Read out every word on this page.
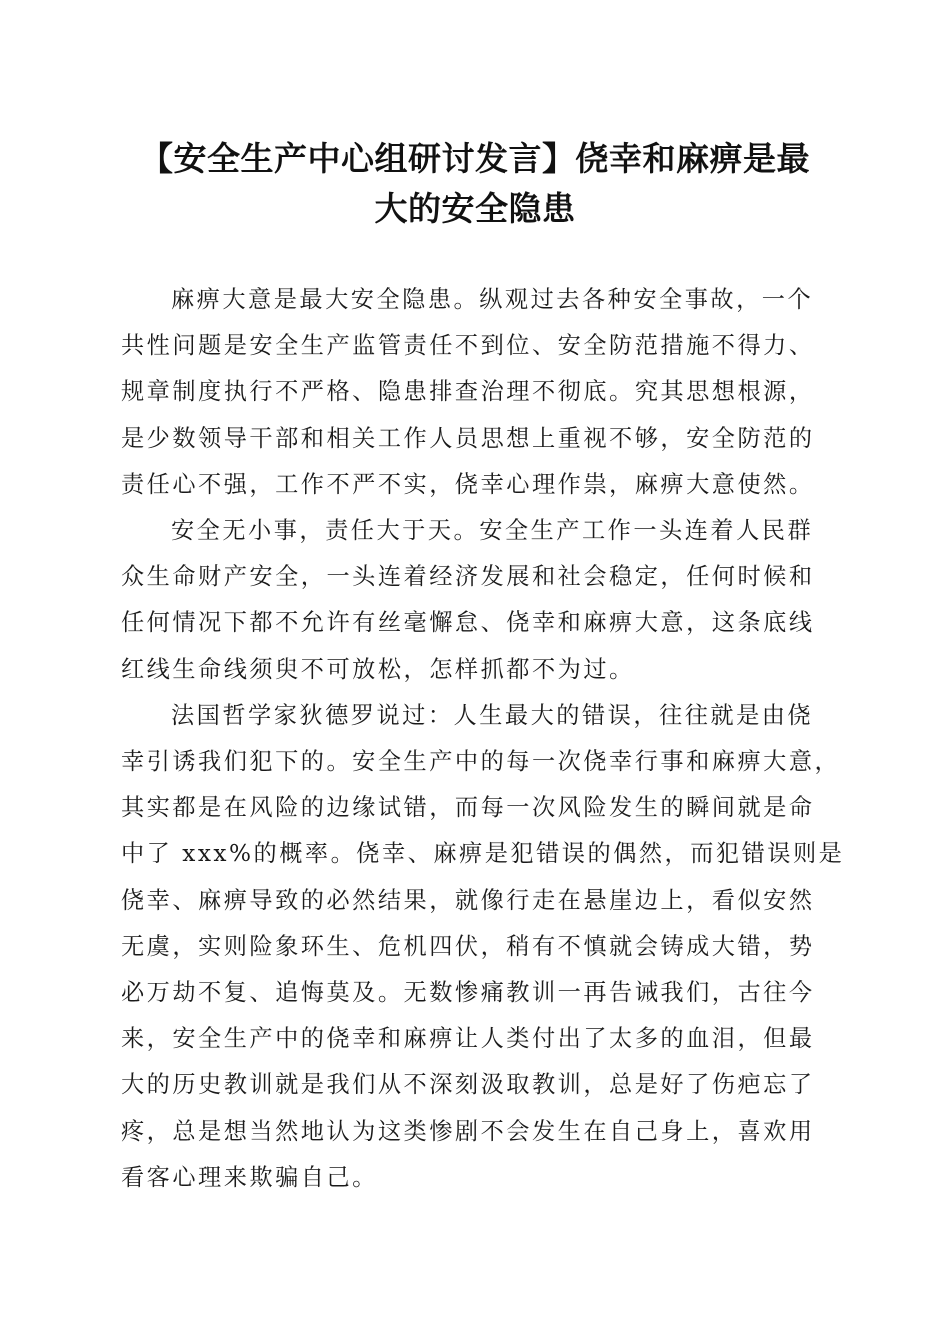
【安全生产中心组研讨发言】侥幸和麻痹是最
大的安全隐患

麻痹大意是最大安全隐患。纵观过去各种安全事故，一个
共性问题是安全生产监管责任不到位、安全防范措施不得力、
规章制度执行不严格、隐患排查治理不彻底。究其思想根源，
是少数领导干部和相关工作人员思想上重视不够，安全防范的
责任心不强，工作不严不实，侥幸心理作祟，麻痹大意使然。

安全无小事，责任大于天。安全生产工作一头连着人民群
众生命财产安全，一头连着经济发展和社会稳定，任何时候和
任何情况下都不允许有丝毫懈怠、侥幸和麻痹大意，这条底线
红线生命线须臾不可放松，怎样抓都不为过。

法国哲学家狄德罗说过：人生最大的错误，往往就是由侥
幸引诱我们犯下的。安全生产中的每一次侥幸行事和麻痹大意，
其实都是在风险的边缘试错，而每一次风险发生的瞬间就是命
中了 xxx%的概率。侥幸、麻痹是犯错误的偶然，而犯错误则是
侥幸、麻痹导致的必然结果，就像行走在悬崖边上，看似安然
无虞，实则险象环生、危机四伏，稍有不慎就会铸成大错，势
必万劫不复、追悔莫及。无数惨痛教训一再告诫我们，古往今
来，安全生产中的侥幸和麻痹让人类付出了太多的血泪，但最
大的历史教训就是我们从不深刻汲取教训，总是好了伤疤忘了
疼，总是想当然地认为这类惨剧不会发生在自己身上，喜欢用
看客心理来欺骗自己。
